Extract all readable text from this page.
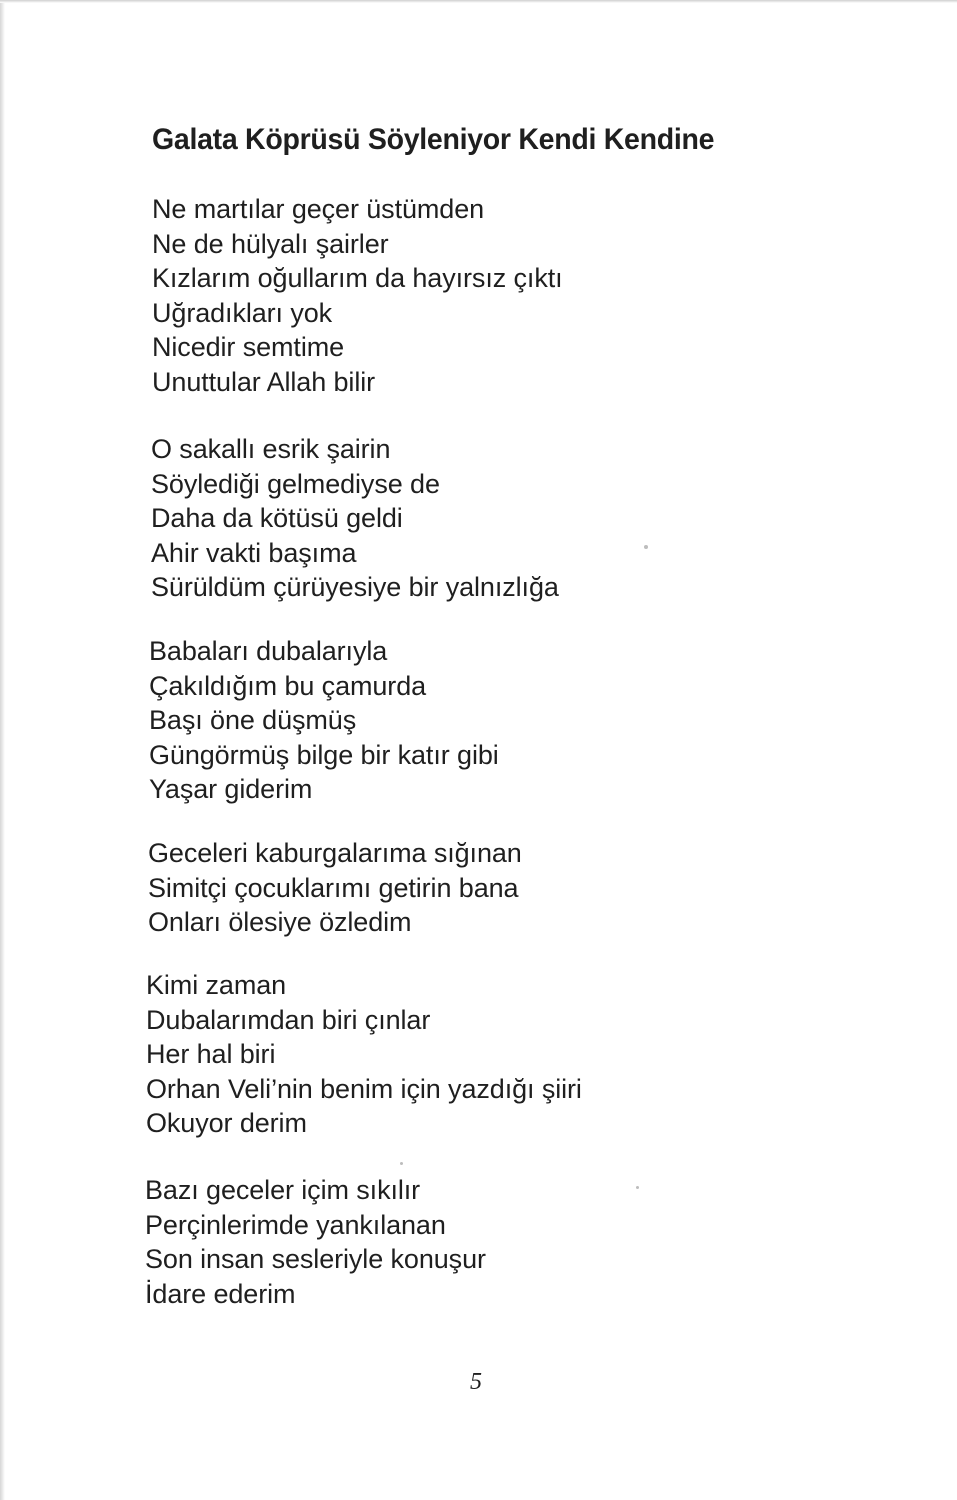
Galata Köprüsü Söyleniyor Kendi Kendine
Ne martılar geçer üstümden
Ne de hülyalı şairler
Kızlarım oğullarım da hayırsız çıktı
Uğradıkları yok
Nicedir semtime
Unuttular Allah bilir
O sakallı esrik şairin
Söylediği gelmediyse de
Daha da kötüsü geldi
Ahir vakti başıma
Sürüldüm çürüyesiye bir yalnızlığa
Babaları dubalarıyla
Çakıldığım bu çamurda
Başı öne düşmüş
Güngörmüş bilge bir katır gibi
Yaşar giderim
Geceleri kaburgalarıma sığınan
Simitçi çocuklarımı getirin bana
Onları ölesiye özledim
Kimi zaman
Dubalarımdan biri çınlar
Her hal biri
Orhan Veli’nin benim için yazdığı şiiri
Okuyor derim
Bazı geceler içim sıkılır
Perçinlerimde yankılanan
Son insan sesleriyle konuşur
İdare ederim
5
